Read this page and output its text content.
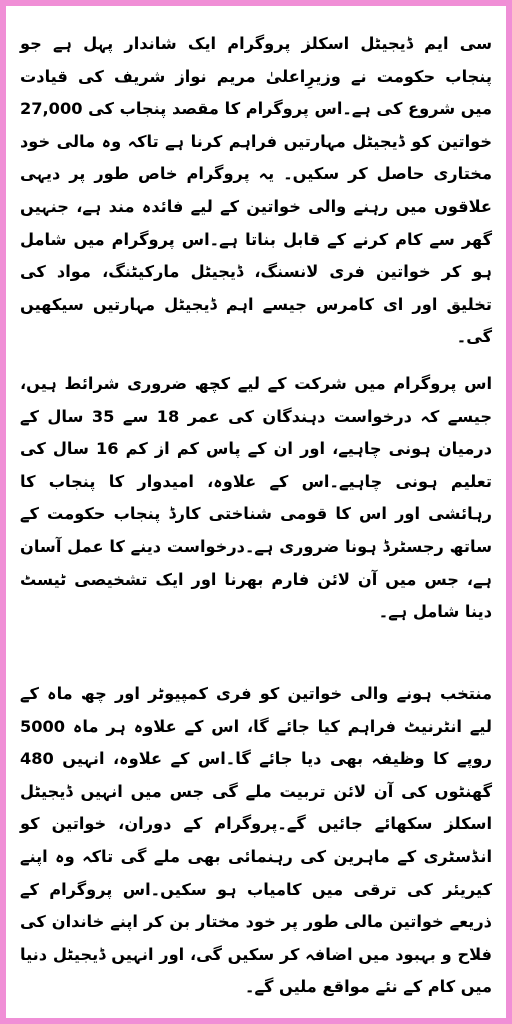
سی ایم ڈیجیٹل اسکلز پروگرام ایک شاندار پہل ہے جو پنجاب حکومت نے وزیرِاعلیٰ مریم نواز شریف کی قیادت میں شروع کی ہے۔اس پروگرام کا مقصد پنجاب کی 27,000 خواتین کو ڈیجیٹل مہارتیں فراہم کرنا ہے تاکہ وہ مالی خود مختاری حاصل کر سکیں۔ یہ پروگرام خاص طور پر دیہی علاقوں میں رہنے والی خواتین کے لیے فائدہ مند ہے، جنہیں گھر سے کام کرنے کے قابل بناتا ہے۔اس پروگرام میں شامل ہو کر خواتین فری لانسنگ، ڈیجیٹل مارکیٹنگ، مواد کی تخلیق اور ای کامرس جیسے اہم ڈیجیٹل مہارتیں سیکھیں گی۔

اس پروگرام میں شرکت کے لیے کچھ ضروری شرائط ہیں، جیسے کہ درخواست دہندگان کی عمر 18 سے 35 سال کے درمیان ہونی چاہیے، اور ان کے پاس کم از کم 16 سال کی تعلیم ہونی چاہیے۔اس کے علاوہ، امیدوار کا پنجاب کا رہائشی اور اس کا قومی شناختی کارڈ پنجاب حکومت کے ساتھ رجسٹرڈ ہونا ضروری ہے۔درخواست دینے کا عمل آسان ہے، جس میں آن لائن فارم بھرنا اور ایک تشخیصی ٹیسٹ دینا شامل ہے۔

منتخب ہونے والی خواتین کو فری کمپیوٹر اور چھ ماہ کے لیے انٹرنیٹ فراہم کیا جائے گا، اس کے علاوہ ہر ماہ 5000 روپے کا وظیفہ بھی دیا جائے گا۔اس کے علاوہ، انہیں 480 گھنٹوں کی آن لائن تربیت ملے گی جس میں انہیں ڈیجیٹل اسکلز سکھائے جائیں گے۔پروگرام کے دوران، خواتین کو انڈسٹری کے ماہرین کی رہنمائی بھی ملے گی تاکہ وہ اپنے کیریئر کی ترقی میں کامیاب ہو سکیں۔اس پروگرام کے ذریعے خواتین مالی طور پر خود مختار بن کر اپنے خاندان کی فلاح و بہبود میں اضافہ کر سکیں گی، اور انہیں ڈیجیٹل دنیا میں کام کے نئے مواقع ملیں گے۔
